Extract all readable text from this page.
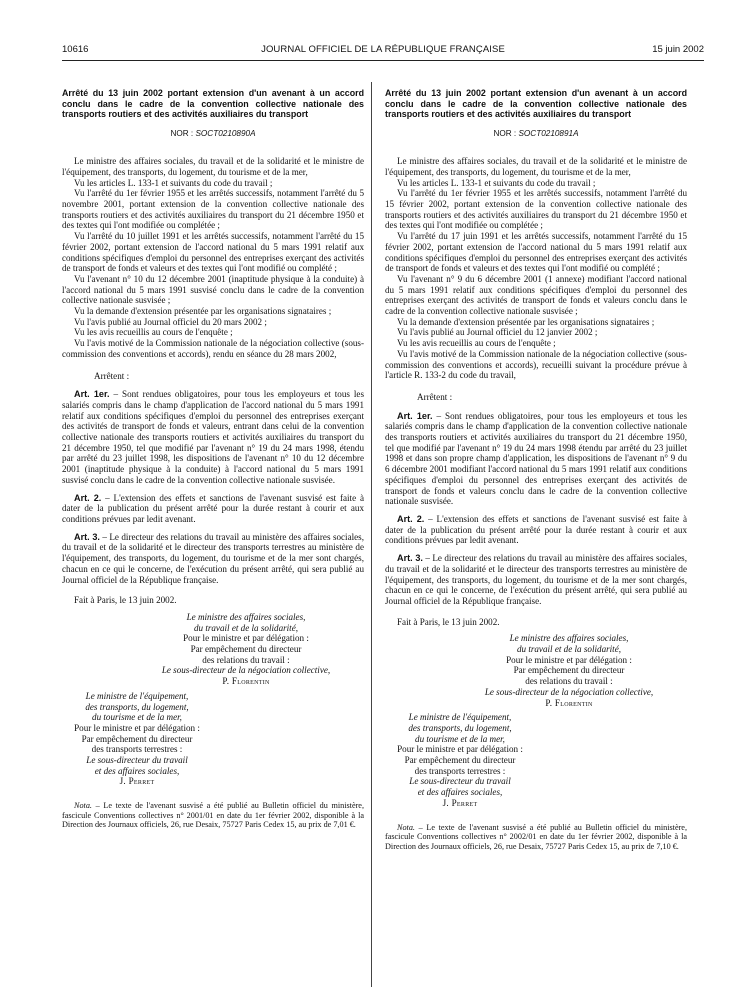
10616	JOURNAL OFFICIEL DE LA RÉPUBLIQUE FRANÇAISE	15 juin 2002

Arrêté du 13 juin 2002 portant extension d'un avenant à un accord conclu dans le cadre de la convention collective nationale des transports routiers et des activités auxiliaires du transport

NOR : SOCT0210890A

Le ministre des affaires sociales, du travail et de la solidarité et le ministre de l'équipement, des transports, du logement, du tourisme et de la mer,

Vu les articles L. 133-1 et suivants du code du travail ;

Vu l'arrêté du 1er février 1955 et les arrêtés successifs, notamment l'arrêté du 5 novembre 2001, portant extension de la convention collective nationale des transports routiers et des activités auxiliaires du transport du 21 décembre 1950 et des textes qui l'ont modifiée ou complétée ;

Vu l'arrêté du 10 juillet 1991 et les arrêtés successifs, notamment l'arrêté du 15 février 2002, portant extension de l'accord national du 5 mars 1991 relatif aux conditions spécifiques d'emploi du personnel des entreprises exerçant des activités de transport de fonds et valeurs et des textes qui l'ont modifié ou complété ;

Vu l'avenant n° 10 du 12 décembre 2001 (inaptitude physique à la conduite) à l'accord national du 5 mars 1991 susvisé conclu dans le cadre de la convention collective nationale susvisée ;

Vu la demande d'extension présentée par les organisations signataires ;

Vu l'avis publié au Journal officiel du 20 mars 2002 ;

Vu les avis recueillis au cours de l'enquête ;

Vu l'avis motivé de la Commission nationale de la négociation collective (sous-commission des conventions et accords), rendu en séance du 28 mars 2002,

Arrêtent :

Art. 1er. – Sont rendues obligatoires, pour tous les employeurs et tous les salariés compris dans le champ d'application de l'accord national du 5 mars 1991 relatif aux conditions spécifiques d'emploi du personnel des entreprises exerçant des activités de transport de fonds et valeurs, entrant dans celui de la convention collective nationale des transports routiers et activités auxiliaires du transport du 21 décembre 1950, tel que modifié par l'avenant n° 19 du 24 mars 1998, étendu par arrêté du 23 juillet 1998, les dispositions de l'avenant n° 10 du 12 décembre 2001 (inaptitude physique à la conduite) à l'accord national du 5 mars 1991 susvisé conclu dans le cadre de la convention collective nationale susvisée.

Art. 2. – L'extension des effets et sanctions de l'avenant susvisé est faite à dater de la publication du présent arrêté pour la durée restant à courir et aux conditions prévues par ledit avenant.

Art. 3. – Le directeur des relations du travail au ministère des affaires sociales, du travail et de la solidarité et le directeur des transports terrestres au ministère de l'équipement, des transports, du logement, du tourisme et de la mer sont chargés, chacun en ce qui le concerne, de l'exécution du présent arrêté, qui sera publié au Journal officiel de la République française.

Fait à Paris, le 13 juin 2002.

Le ministre des affaires sociales,
du travail et de la solidarité,
Pour le ministre et par délégation :
Par empêchement du directeur
des relations du travail :
Le sous-directeur de la négociation collective,
P. Florentin
Le ministre de l'équipement,
des transports, du logement,
du tourisme et de la mer,
Pour le ministre et par délégation :
Par empêchement du directeur
des transports terrestres :
Le sous-directeur du travail
et des affaires sociales,
J. Perret

Nota. – Le texte de l'avenant susvisé a été publié au Bulletin officiel du ministère, fascicule Conventions collectives n° 2001/01 en date du 1er février 2002, disponible à la Direction des Journaux officiels, 26, rue Desaix, 75727 Paris Cedex 15, au prix de 7,01 €.

Arrêté du 13 juin 2002 portant extension d'un avenant à un accord conclu dans le cadre de la convention collective nationale des transports routiers et des activités auxiliaires du transport

NOR : SOCT0210891A

Le ministre des affaires sociales, du travail et de la solidarité et le ministre de l'équipement, des transports, du logement, du tourisme et de la mer,

Vu les articles L. 133-1 et suivants du code du travail ;

Vu l'arrêté du 1er février 1955 et les arrêtés successifs, notamment l'arrêté du 15 février 2002, portant extension de la convention collective nationale des transports routiers et des activités auxiliaires du transport du 21 décembre 1950 et des textes qui l'ont modifiée ou complétée ;

Vu l'arrêté du 17 juin 1991 et les arrêtés successifs, notamment l'arrêté du 15 février 2002, portant extension de l'accord national du 5 mars 1991 relatif aux conditions spécifiques d'emploi du personnel des entreprises exerçant des activités de transport de fonds et valeurs et des textes qui l'ont modifié ou complété ;

Vu l'avenant n° 9 du 6 décembre 2001 (1 annexe) modifiant l'accord national du 5 mars 1991 relatif aux conditions spécifiques d'emploi du personnel des entreprises exerçant des activités de transport de fonds et valeurs conclu dans le cadre de la convention collective nationale susvisée ;

Vu la demande d'extension présentée par les organisations signataires ;

Vu l'avis publié au Journal officiel du 12 janvier 2002 ;

Vu les avis recueillis au cours de l'enquête ;

Vu l'avis motivé de la Commission nationale de la négociation collective (sous-commission des conventions et accords), recueilli suivant la procédure prévue à l'article R. 133-2 du code du travail,

Arrêtent :

Art. 1er. – Sont rendues obligatoires, pour tous les employeurs et tous les salariés compris dans le champ d'application de la convention collective nationale des transports routiers et activités auxiliaires du transport du 21 décembre 1950, tel que modifié par l'avenant n° 19 du 24 mars 1998 étendu par arrêté du 23 juillet 1998 et dans son propre champ d'application, les dispositions de l'avenant n° 9 du 6 décembre 2001 modifiant l'accord national du 5 mars 1991 relatif aux conditions spécifiques d'emploi du personnel des entreprises exerçant des activités de transport de fonds et valeurs conclu dans le cadre de la convention collective nationale susvisée.

Art. 2. – L'extension des effets et sanctions de l'avenant susvisé est faite à dater de la publication du présent arrêté pour la durée restant à courir et aux conditions prévues par ledit avenant.

Art. 3. – Le directeur des relations du travail au ministère des affaires sociales, du travail et de la solidarité et le directeur des transports terrestres au ministère de l'équipement, des transports, du logement, du tourisme et de la mer sont chargés, chacun en ce qui le concerne, de l'exécution du présent arrêté, qui sera publié au Journal officiel de la République française.

Fait à Paris, le 13 juin 2002.

Le ministre des affaires sociales,
du travail et de la solidarité,
Pour le ministre et par délégation :
Par empêchement du directeur
des relations du travail :
Le sous-directeur de la négociation collective,
P. Florentin
Le ministre de l'équipement,
des transports, du logement,
du tourisme et de la mer,
Pour le ministre et par délégation :
Par empêchement du directeur
des transports terrestres :
Le sous-directeur du travail
et des affaires sociales,
J. Perret

Nota. – Le texte de l'avenant susvisé a été publié au Bulletin officiel du ministère, fascicule Conventions collectives n° 2002/01 en date du 1er février 2002, disponible à la Direction des Journaux officiels, 26, rue Desaix, 75727 Paris Cedex 15, au prix de 7,10 €.
